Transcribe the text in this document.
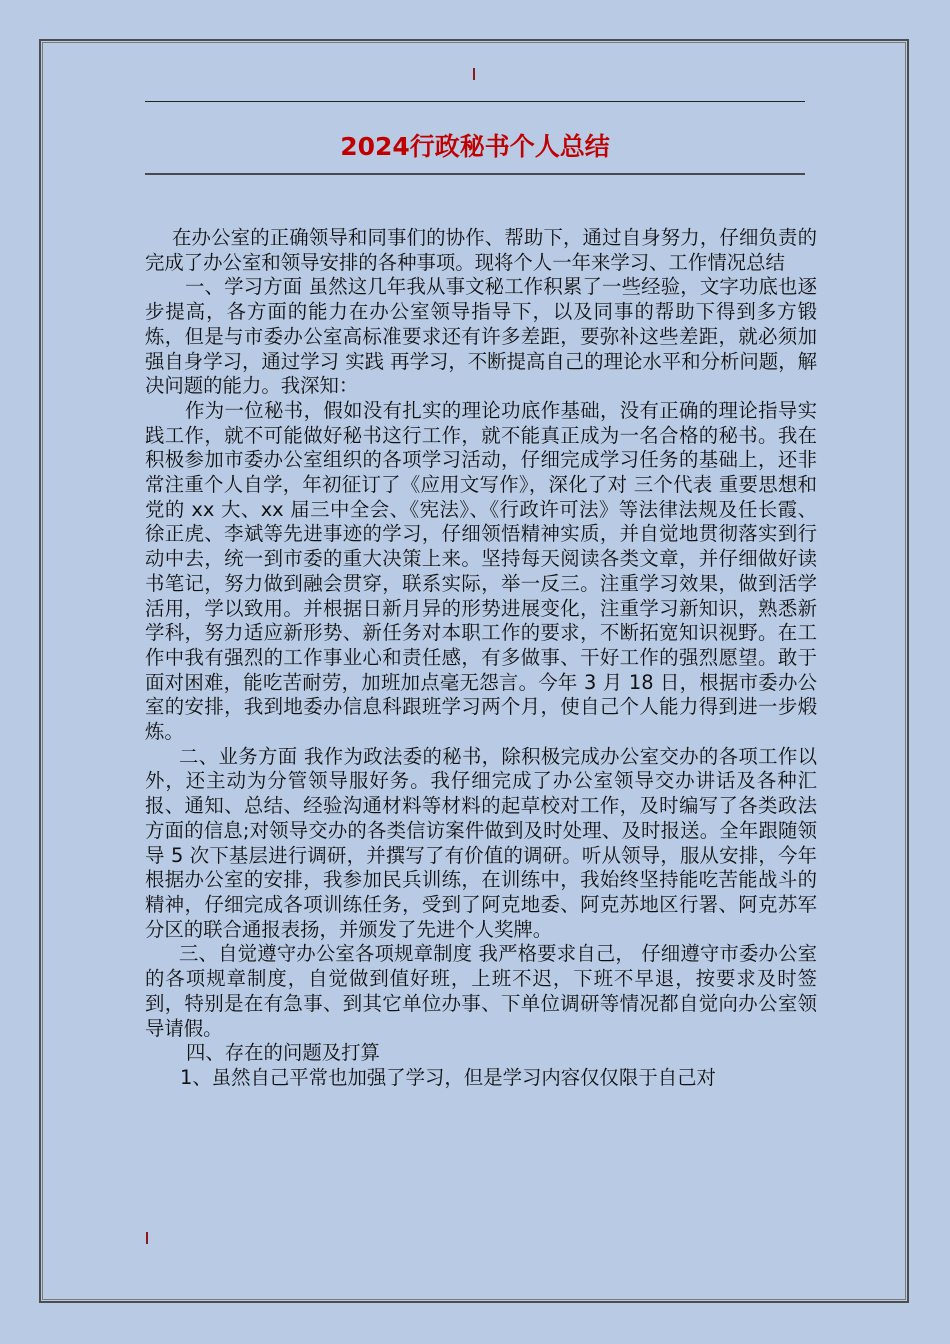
2024行政秘书个人总结

在办公室的正确领导和同事们的协作、帮助下，通过自身努力，仔细负责的完成了办公室和领导安排的各种事项。现将个人一年来学习、工作情况总结

一、学习方面 虽然这几年我从事文秘工作积累了一些经验，文字功底也逐步提高，各方面的能力在办公室领导指导下，以及同事的帮助下得到多方锻炼，但是与市委办公室高标准要求还有许多差距，要弥补这些差距，就必须加强自身学习，通过学习 实践 再学习，不断提高自己的理论水平和分析问题，解决问题的能力。我深知：

作为一位秘书，假如没有扎实的理论功底作基础，没有正确的理论指导实践工作，就不可能做好秘书这行工作，就不能真正成为一名合格的秘书。我在积极参加市委办公室组织的各项学习活动，仔细完成学习任务的基础上，还非常注重个人自学，年初征订了《应用文写作》，深化了对 三个代表 重要思想和党的 xx 大、xx 届三中全会、《宪法》、《行政许可法》等法律法规及任长霞、徐正虎、李斌等先进事迹的学习，仔细领悟精神实质，并自觉地贯彻落实到行动中去，统一到市委的重大决策上来。坚持每天阅读各类文章，并仔细做好读书笔记，努力做到融会贯穿，联系实际，举一反三。注重学习效果，做到活学活用，学以致用。并根据日新月异的形势进展变化，注重学习新知识，熟悉新学科，努力适应新形势、新任务对本职工作的要求，不断拓宽知识视野。在工作中我有强烈的工作事业心和责任感，有多做事、干好工作的强烈愿望。敢于面对困难，能吃苦耐劳，加班加点毫无怨言。今年 3 月 18 日，根据市委办公室的安排，我到地委办信息科跟班学习两个月，使自己个人能力得到进一步煅炼。

二、业务方面 我作为政法委的秘书，除积极完成办公室交办的各项工作以外，还主动为分管领导服好务。我仔细完成了办公室领导交办讲话及各种汇报、通知、总结、经验沟通材料等材料的起草校对工作，及时编写了各类政法方面的信息;对领导交办的各类信访案件做到及时处理、及时报送。全年跟随领导 5 次下基层进行调研，并撰写了有价值的调研。听从领导，服从安排，今年根据办公室的安排，我参加民兵训练，在训练中，我始终坚持能吃苦能战斗的精神，仔细完成各项训练任务，受到了阿克地委、阿克苏地区行署、阿克苏军分区的联合通报表扬，并颁发了先进个人奖牌。

三、自觉遵守办公室各项规章制度 我严格要求自己， 仔细遵守市委办公室的各项规章制度，自觉做到值好班，上班不迟，下班不早退，按要求及时签到，特别是在有急事、到其它单位办事、下单位调研等情况都自觉向办公室领导请假。

四、存在的问题及打算

1、虽然自己平常也加强了学习，但是学习内容仅仅限于自己对
